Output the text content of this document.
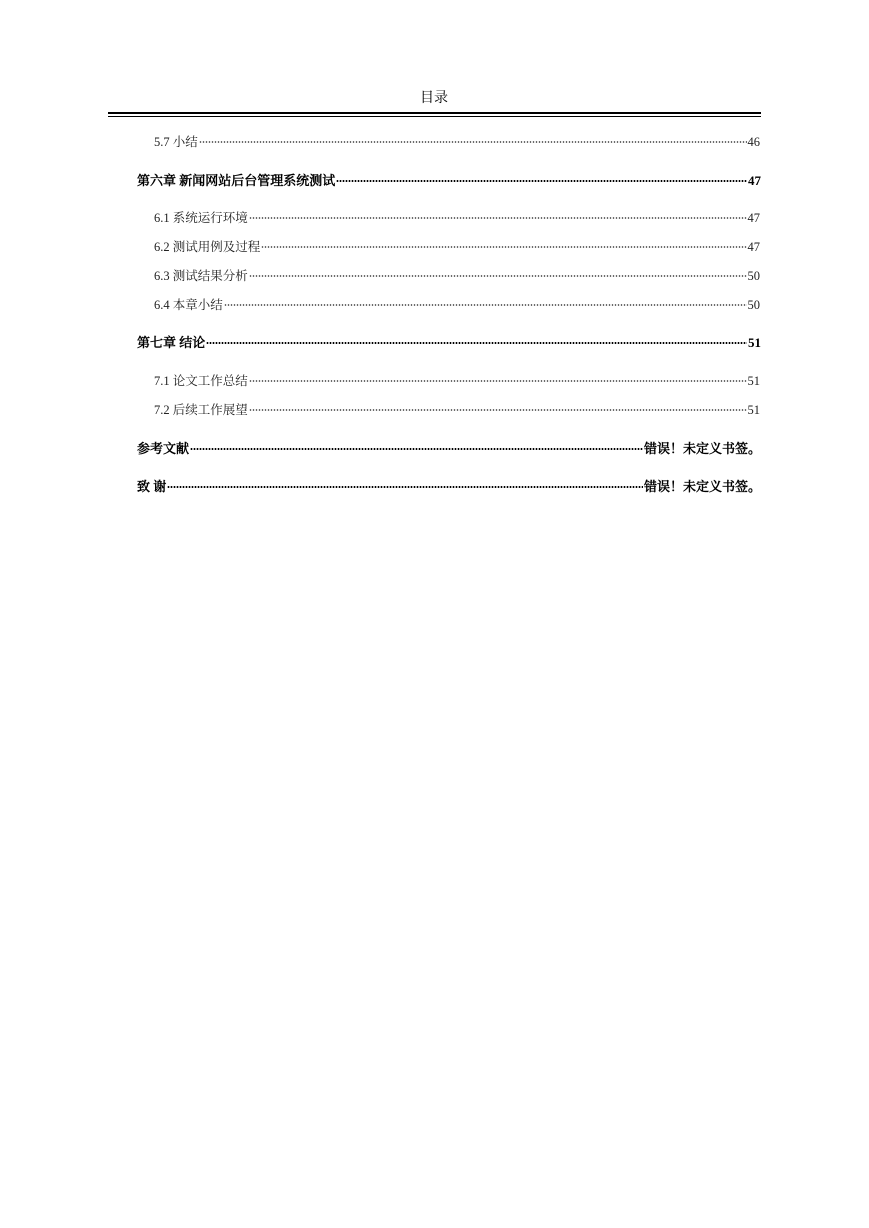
目录
5.7 小结	46
第六章 新闻网站后台管理系统测试	47
6.1 系统运行环境	47
6.2 测试用例及过程	47
6.3 测试结果分析	50
6.4 本章小结	50
第七章 结论	51
7.1 论文工作总结	51
7.2 后续工作展望	51
参考文献	错误！未定义书签。
致 谢	错误！未定义书签。
